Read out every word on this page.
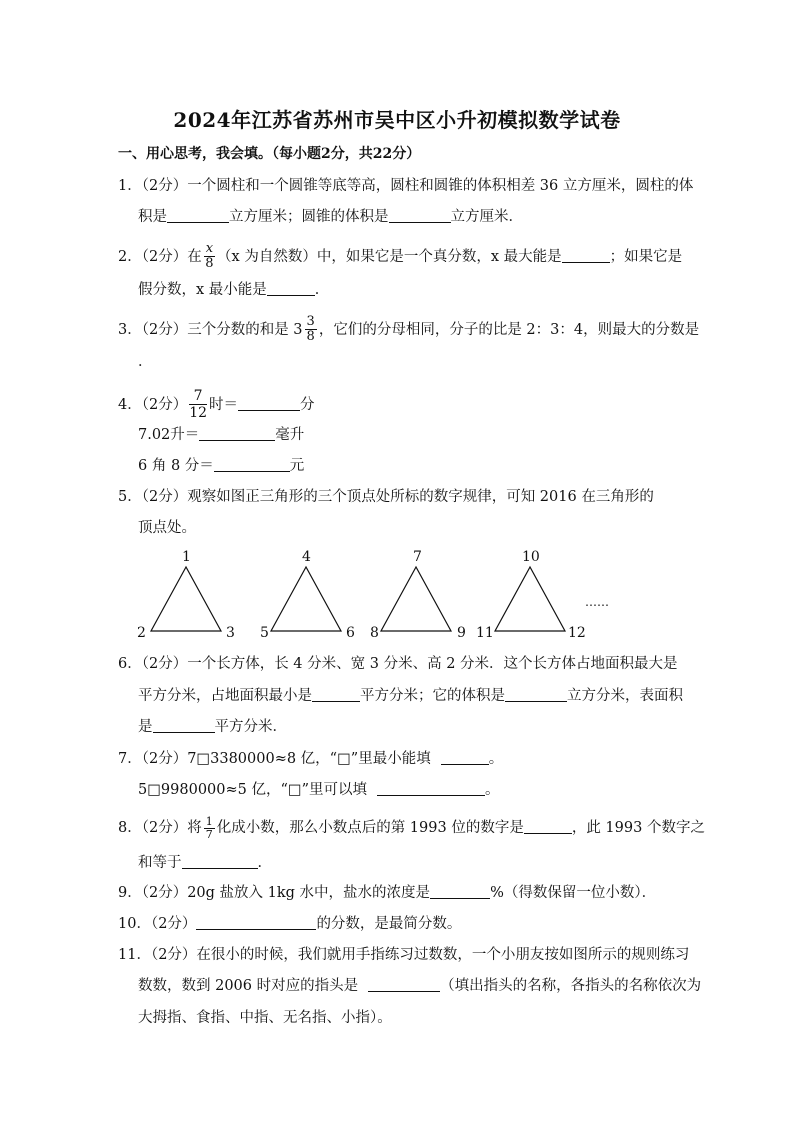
2024年江苏省苏州市吴中区小升初模拟数学试卷
一、用心思考，我会填。（每小题2分，共22分）
1．（2分）一个圆柱和一个圆锥等底等高，圆柱和圆锥的体积相差 36 立方厘米，圆柱的体
积是	立方厘米；圆锥的体积是	立方厘米．
2．（2分）在 $\frac{x}{8} (x$ 为自然数）中，如果它是一个真分数，x 最大能是	；如果它是
假分数，x 最小能是	．
3．（2分）三个分数的和是 $3 \frac{3}{8}$ ，它们的分母相同，分子的比是 2：3：4，则最大的分数是
．
4．（2分） $\frac{7}{12}$ 时＝	分
7.02升＝	毫升
6 角 8 分＝	元
5．（2分）观察如图正三角形的三个顶点处所标的数字规律，可知 2016 在三角形的
顶点处。
1
2	3
4
5	6
7
8	9
10
11	12
……
6．（2分）一个长方体，长 4 分米、宽 3 分米、高 2 分米．这个长方体占地面积最大是
平方分米，占地面积最小是	平方分米；它的体积是	立方分米，表面积
是	平方分米．
7．（2分）7□3380000≈8 亿，“□”里最小能填	。
5□9980000≈5 亿，“□”里可以填	。
8．（2分）将 $\frac{1}{7}$ 化成小数，那么小数点后的第 1993 位的数字是	，此 1993 个数字之
和等于	．
9．（2分）20g 盐放入 1kg 水中，盐水的浓度是	%（得数保留一位小数）．
10．（2分）	的分数，是最简分数。
11．（2分）在很小的时候，我们就用手指练习过数数，一个小朋友按如图所示的规则练习
数数，数到 2006 时对应的指头是	（填出指头的名称，各指头的名称依次为
大拇指、食指、中指、无名指、小指）。
